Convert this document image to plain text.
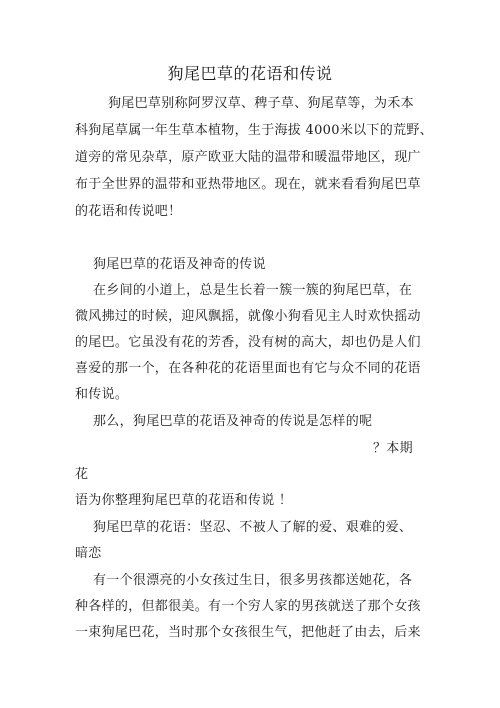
狗尾巴草的花语和传说
狗尾巴草别称阿罗汉草、稗子草、狗尾草等，为禾本
科狗尾草属一年生草本植物，生于海拔 4000米以下的荒野、
道旁的常见杂草，原产欧亚大陆的温带和暖温带地区，现广
布于全世界的温带和亚热带地区。现在，就来看看狗尾巴草
的花语和传说吧！
狗尾巴草的花语及神奇的传说
在乡间的小道上，总是生长着一簇一簇的狗尾巴草，在
微风拂过的时候，迎风飘摇，就像小狗看见主人时欢快摇动
的尾巴。它虽没有花的芳香，没有树的高大，却也仍是人们
喜爱的那一个，在各种花的花语里面也有它与众不同的花语
和传说。
那么，狗尾巴草的花语及神奇的传说是怎样的呢
？本期
花
语为你整理狗尾巴草的花语和传说 ！
狗尾巴草的花语：坚忍、不被人了解的爱、艰难的爱、
暗恋
有一个很漂亮的小女孩过生日，很多男孩都送她花，各
种各样的，但都很美。有一个穷人家的男孩就送了那个女孩
一束狗尾巴花，当时那个女孩很生气，把他赶了由去，后来
